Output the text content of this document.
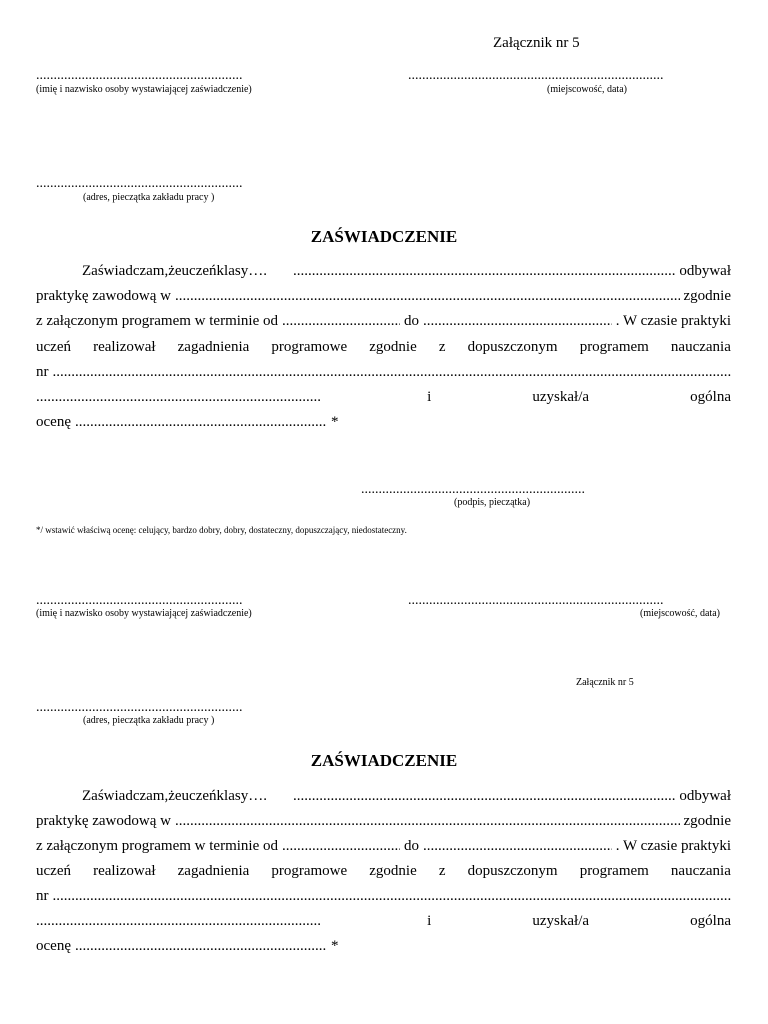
Załącznik nr 5
...........................................................
(imię i nazwisko osoby wystawiającej zaświadczenie)
.........................................................................
(miejscowość, data)
...........................................................
(adres, pieczątka zakładu pracy )
ZAŚWIADCZENIE
Zaświadczam, że uczeń klasy…. .....	odbywał
praktykę zawodową w .....	zgodnie
z załączonym programem w terminie od .....	do .....	. W czasie praktyki
uczeń realizował zagadnienia programowe zgodnie z dopuszczonym programem nauczania
nr
.....
.....
i	uzyskał/a	ogólna
ocenę .....	*
................................................................
(podpis, pieczątka)
*/ wstawić właściwą ocenę: celujący, bardzo dobry, dobry, dostateczny, dopuszczający, niedostateczny.
...........................................................
(imię i nazwisko osoby wystawiającej zaświadczenie)
.........................................................................
(miejscowość, data)
Załącznik nr 5
...........................................................
(adres, pieczątka zakładu pracy )
ZAŚWIADCZENIE
Zaświadczam, że uczeń klasy…. .....	odbywał
praktykę zawodową w .....	zgodnie
z załączonym programem w terminie od .....	do .....	. W czasie praktyki
uczeń realizował zagadnienia programowe zgodnie z dopuszczonym programem nauczania
nr
.....
.....
i	uzyskał/a	ogólna
ocenę .....	*
